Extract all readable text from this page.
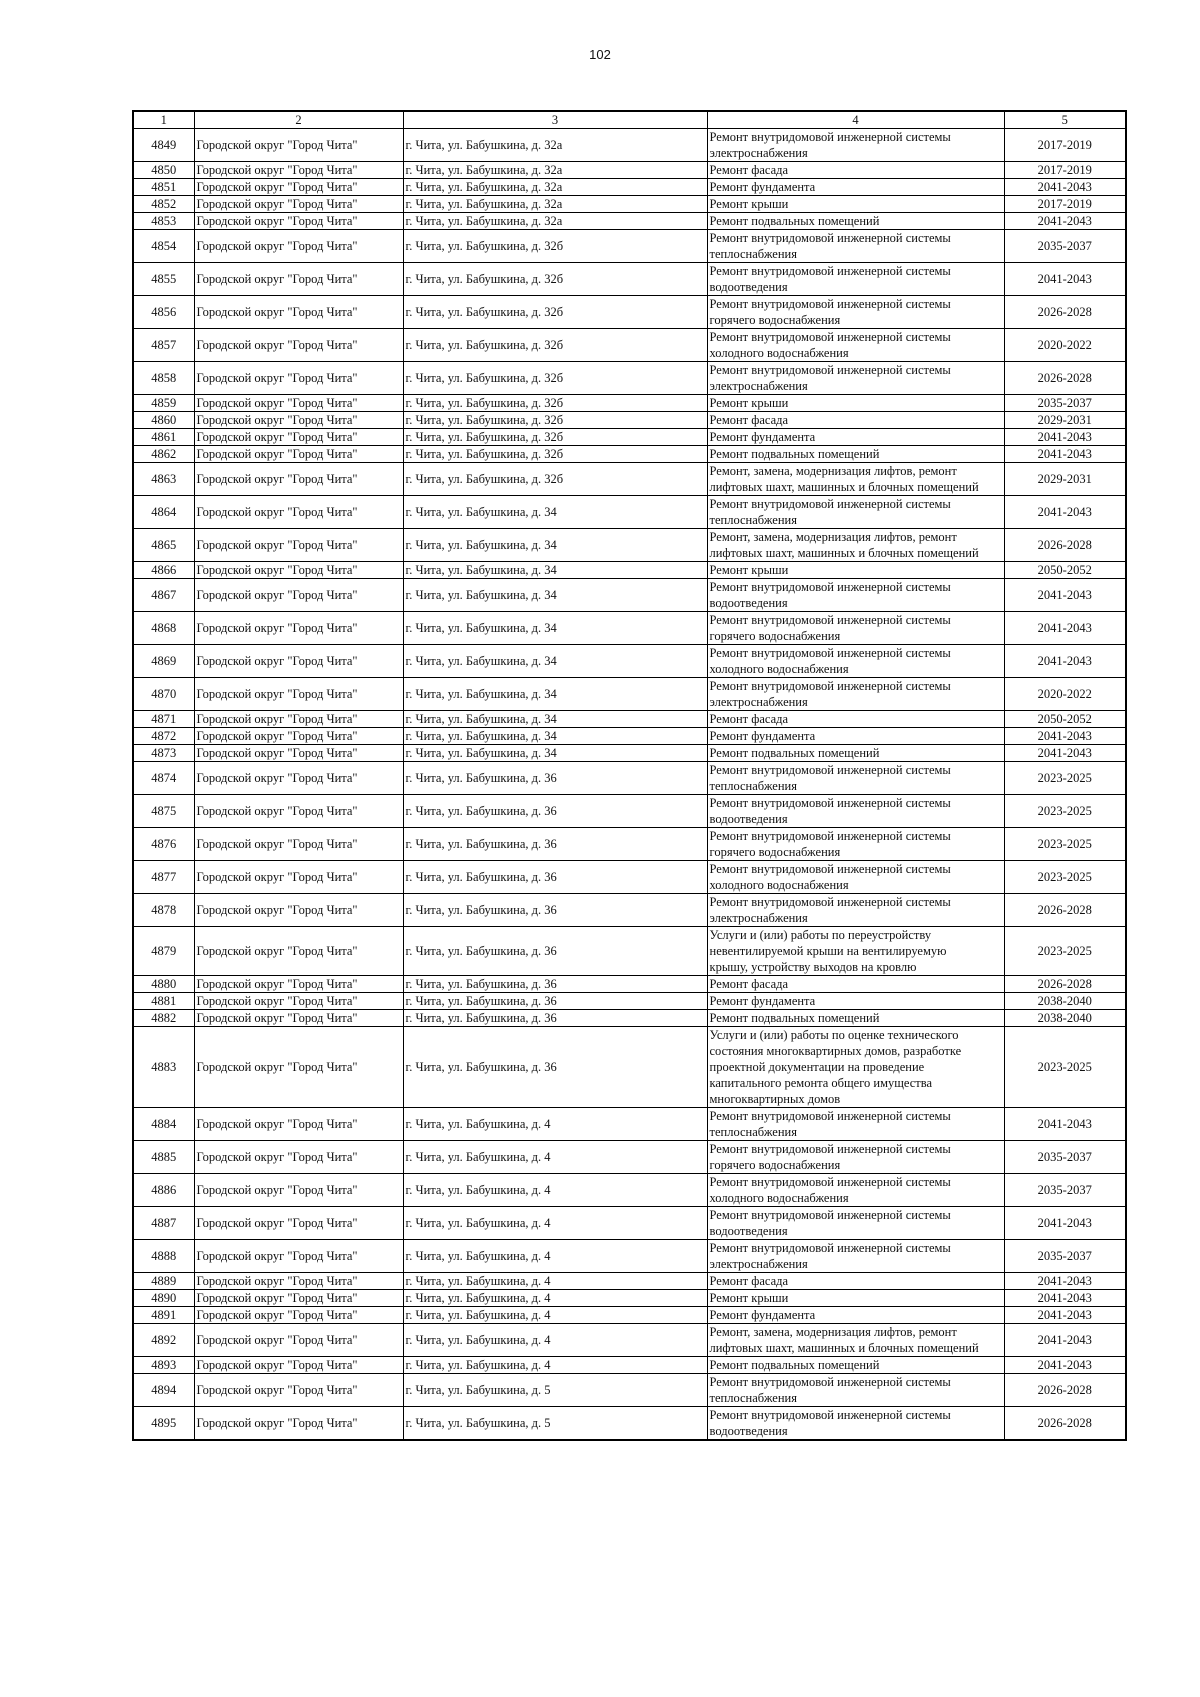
102
1	2	3	4	5
4849	Городской округ "Город Чита"	г. Чита, ул. Бабушкина, д. 32а	Ремонт внутридомовой инженерной системы
электроснабжения	2017-2019
4850	Городской округ "Город Чита"	г. Чита, ул. Бабушкина, д. 32а	Ремонт фасада	2017-2019
4851	Городской округ "Город Чита"	г. Чита, ул. Бабушкина, д. 32а	Ремонт фундамента	2041-2043
4852	Городской округ "Город Чита"	г. Чита, ул. Бабушкина, д. 32а	Ремонт крыши	2017-2019
4853	Городской округ "Город Чита"	г. Чита, ул. Бабушкина, д. 32а	Ремонт подвальных помещений	2041-2043
4854	Городской округ "Город Чита"	г. Чита, ул. Бабушкина, д. 32б	Ремонт внутридомовой инженерной системы
теплоснабжения	2035-2037
4855	Городской округ "Город Чита"	г. Чита, ул. Бабушкина, д. 32б	Ремонт внутридомовой инженерной системы
водоотведения	2041-2043
4856	Городской округ "Город Чита"	г. Чита, ул. Бабушкина, д. 32б	Ремонт внутридомовой инженерной системы
горячего водоснабжения	2026-2028
4857	Городской округ "Город Чита"	г. Чита, ул. Бабушкина, д. 32б	Ремонт внутридомовой инженерной системы
холодного водоснабжения	2020-2022
4858	Городской округ "Город Чита"	г. Чита, ул. Бабушкина, д. 32б	Ремонт внутридомовой инженерной системы
электроснабжения	2026-2028
4859	Городской округ "Город Чита"	г. Чита, ул. Бабушкина, д. 32б	Ремонт крыши	2035-2037
4860	Городской округ "Город Чита"	г. Чита, ул. Бабушкина, д. 32б	Ремонт фасада	2029-2031
4861	Городской округ "Город Чита"	г. Чита, ул. Бабушкина, д. 32б	Ремонт фундамента	2041-2043
4862	Городской округ "Город Чита"	г. Чита, ул. Бабушкина, д. 32б	Ремонт подвальных помещений	2041-2043
4863	Городской округ "Город Чита"	г. Чита, ул. Бабушкина, д. 32б	Ремонт, замена, модернизация лифтов, ремонт
лифтовых шахт, машинных и блочных помещений	2029-2031
4864	Городской округ "Город Чита"	г. Чита, ул. Бабушкина, д. 34	Ремонт внутридомовой инженерной системы
теплоснабжения	2041-2043
4865	Городской округ "Город Чита"	г. Чита, ул. Бабушкина, д. 34	Ремонт, замена, модернизация лифтов, ремонт
лифтовых шахт, машинных и блочных помещений	2026-2028
4866	Городской округ "Город Чита"	г. Чита, ул. Бабушкина, д. 34	Ремонт крыши	2050-2052
4867	Городской округ "Город Чита"	г. Чита, ул. Бабушкина, д. 34	Ремонт внутридомовой инженерной системы
водоотведения	2041-2043
4868	Городской округ "Город Чита"	г. Чита, ул. Бабушкина, д. 34	Ремонт внутридомовой инженерной системы
горячего водоснабжения	2041-2043
4869	Городской округ "Город Чита"	г. Чита, ул. Бабушкина, д. 34	Ремонт внутридомовой инженерной системы
холодного водоснабжения	2041-2043
4870	Городской округ "Город Чита"	г. Чита, ул. Бабушкина, д. 34	Ремонт внутридомовой инженерной системы
электроснабжения	2020-2022
4871	Городской округ "Город Чита"	г. Чита, ул. Бабушкина, д. 34	Ремонт фасада	2050-2052
4872	Городской округ "Город Чита"	г. Чита, ул. Бабушкина, д. 34	Ремонт фундамента	2041-2043
4873	Городской округ "Город Чита"	г. Чита, ул. Бабушкина, д. 34	Ремонт подвальных помещений	2041-2043
4874	Городской округ "Город Чита"	г. Чита, ул. Бабушкина, д. 36	Ремонт внутридомовой инженерной системы
теплоснабжения	2023-2025
4875	Городской округ "Город Чита"	г. Чита, ул. Бабушкина, д. 36	Ремонт внутридомовой инженерной системы
водоотведения	2023-2025
4876	Городской округ "Город Чита"	г. Чита, ул. Бабушкина, д. 36	Ремонт внутридомовой инженерной системы
горячего водоснабжения	2023-2025
4877	Городской округ "Город Чита"	г. Чита, ул. Бабушкина, д. 36	Ремонт внутридомовой инженерной системы
холодного водоснабжения	2023-2025
4878	Городской округ "Город Чита"	г. Чита, ул. Бабушкина, д. 36	Ремонт внутридомовой инженерной системы
электроснабжения	2026-2028
4879	Городской округ "Город Чита"	г. Чита, ул. Бабушкина, д. 36	Услуги и (или) работы по переустройству
невентилируемой крыши на вентилируемую
крышу, устройству выходов на кровлю	2023-2025
4880	Городской округ "Город Чита"	г. Чита, ул. Бабушкина, д. 36	Ремонт фасада	2026-2028
4881	Городской округ "Город Чита"	г. Чита, ул. Бабушкина, д. 36	Ремонт фундамента	2038-2040
4882	Городской округ "Город Чита"	г. Чита, ул. Бабушкина, д. 36	Ремонт подвальных помещений	2038-2040
4883	Городской округ "Город Чита"	г. Чита, ул. Бабушкина, д. 36	Услуги и (или) работы по оценке технического
состояния многоквартирных домов, разработке
проектной документации на проведение
капитального ремонта общего имущества
многоквартирных домов	2023-2025
4884	Городской округ "Город Чита"	г. Чита, ул. Бабушкина, д. 4	Ремонт внутридомовой инженерной системы
теплоснабжения	2041-2043
4885	Городской округ "Город Чита"	г. Чита, ул. Бабушкина, д. 4	Ремонт внутридомовой инженерной системы
горячего водоснабжения	2035-2037
4886	Городской округ "Город Чита"	г. Чита, ул. Бабушкина, д. 4	Ремонт внутридомовой инженерной системы
холодного водоснабжения	2035-2037
4887	Городской округ "Город Чита"	г. Чита, ул. Бабушкина, д. 4	Ремонт внутридомовой инженерной системы
водоотведения	2041-2043
4888	Городской округ "Город Чита"	г. Чита, ул. Бабушкина, д. 4	Ремонт внутридомовой инженерной системы
электроснабжения	2035-2037
4889	Городской округ "Город Чита"	г. Чита, ул. Бабушкина, д. 4	Ремонт фасада	2041-2043
4890	Городской округ "Город Чита"	г. Чита, ул. Бабушкина, д. 4	Ремонт крыши	2041-2043
4891	Городской округ "Город Чита"	г. Чита, ул. Бабушкина, д. 4	Ремонт фундамента	2041-2043
4892	Городской округ "Город Чита"	г. Чита, ул. Бабушкина, д. 4	Ремонт, замена, модернизация лифтов, ремонт
лифтовых шахт, машинных и блочных помещений	2041-2043
4893	Городской округ "Город Чита"	г. Чита, ул. Бабушкина, д. 4	Ремонт подвальных помещений	2041-2043
4894	Городской округ "Город Чита"	г. Чита, ул. Бабушкина, д. 5	Ремонт внутридомовой инженерной системы
теплоснабжения	2026-2028
4895	Городской округ "Город Чита"	г. Чита, ул. Бабушкина, д. 5	Ремонт внутридомовой инженерной системы
водоотведения	2026-2028
